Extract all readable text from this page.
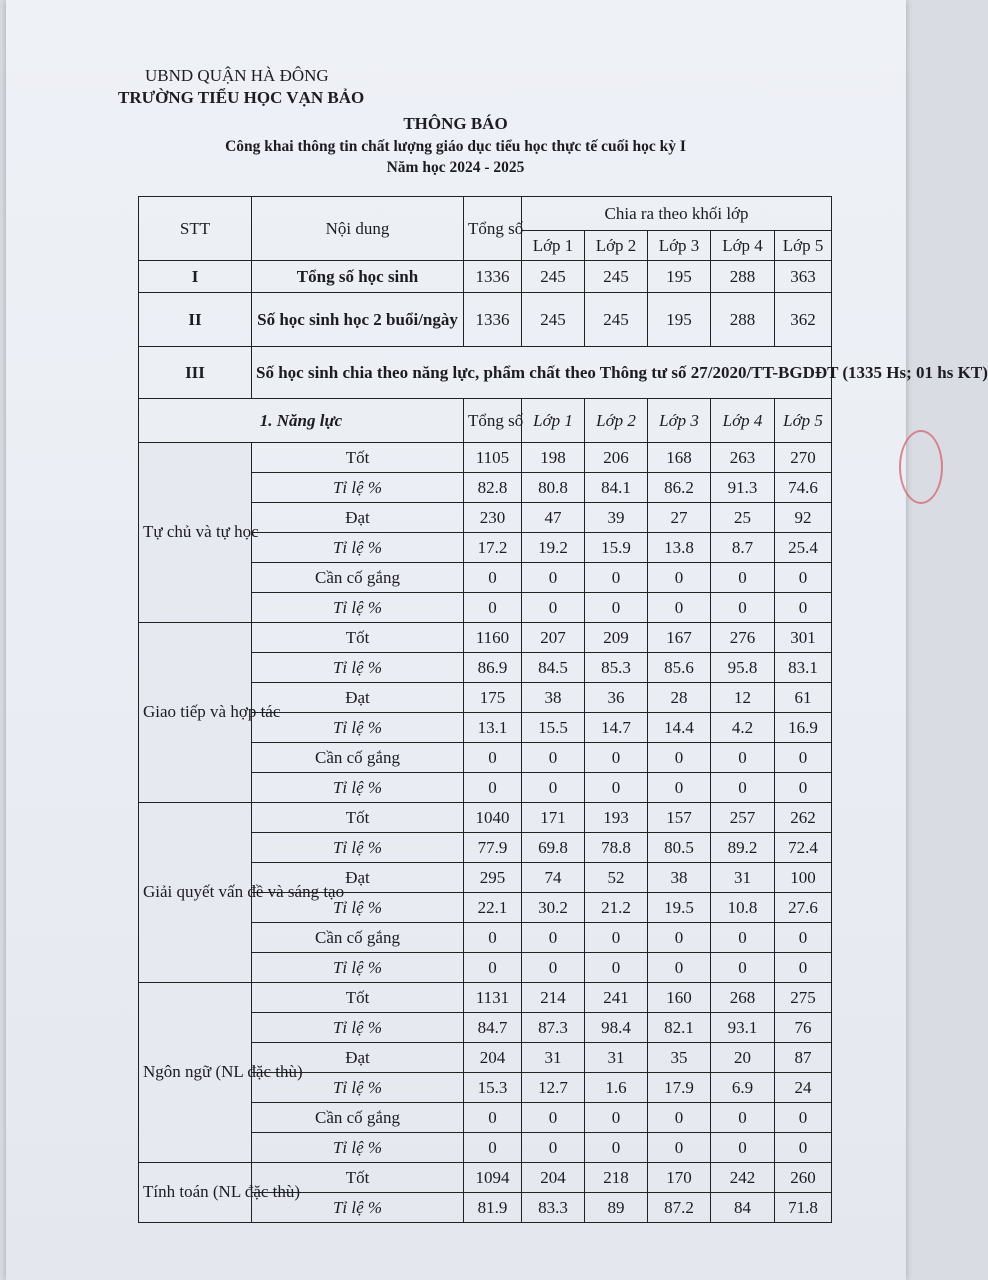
UBND QUẬN HÀ ĐÔNG
TRƯỜNG TIỂU HỌC VẠN BẢO
THÔNG BÁO
Công khai thông tin chất lượng giáo dục tiểu học thực tế cuối học kỳ I
Năm học 2024 - 2025
STT	Nội dung	Tổng số	Chia ra theo khối lớp				
			Lớp 1	Lớp 2	Lớp 3	Lớp 4	Lớp 5
I	Tổng số học sinh	1336	245	245	195	288	363
II	Số học sinh học 2 buổi/ngày	1336	245	245	195	288	362
III	Số học sinh chia theo năng lực, phẩm chất theo Thông tư số 27/2020/TT-BGDĐT (1335 Hs; 01 hs KT)						
1. Năng lực		Tổng số	Lớp 1	Lớp 2	Lớp 3	Lớp 4	Lớp 5
Tự chủ và tự học	Tốt	1105	198	206	168	263	270
	Tỉ lệ %	82.8	80.8	84.1	86.2	91.3	74.6
	Đạt	230	47	39	27	25	92
	Tỉ lệ %	17.2	19.2	15.9	13.8	8.7	25.4
	Cần cố gắng	0	0	0	0	0	0
	Tỉ lệ %	0	0	0	0	0	0
Giao tiếp và hợp tác	Tốt	1160	207	209	167	276	301
	Tỉ lệ %	86.9	84.5	85.3	85.6	95.8	83.1
	Đạt	175	38	36	28	12	61
	Tỉ lệ %	13.1	15.5	14.7	14.4	4.2	16.9
	Cần cố gắng	0	0	0	0	0	0
	Tỉ lệ %	0	0	0	0	0	0
Giải quyết vấn đề và sáng tạo	Tốt	1040	171	193	157	257	262
	Tỉ lệ %	77.9	69.8	78.8	80.5	89.2	72.4
	Đạt	295	74	52	38	31	100
	Tỉ lệ %	22.1	30.2	21.2	19.5	10.8	27.6
	Cần cố gắng	0	0	0	0	0	0
	Tỉ lệ %	0	0	0	0	0	0
Ngôn ngữ (NL đặc thù)	Tốt	1131	214	241	160	268	275
	Tỉ lệ %	84.7	87.3	98.4	82.1	93.1	76
	Đạt	204	31	31	35	20	87
	Tỉ lệ %	15.3	12.7	1.6	17.9	6.9	24
	Cần cố gắng	0	0	0	0	0	0
	Tỉ lệ %	0	0	0	0	0	0
Tính toán (NL đặc thù)	Tốt	1094	204	218	170	242	260
	Tỉ lệ %	81.9	83.3	89	87.2	84	71.8
